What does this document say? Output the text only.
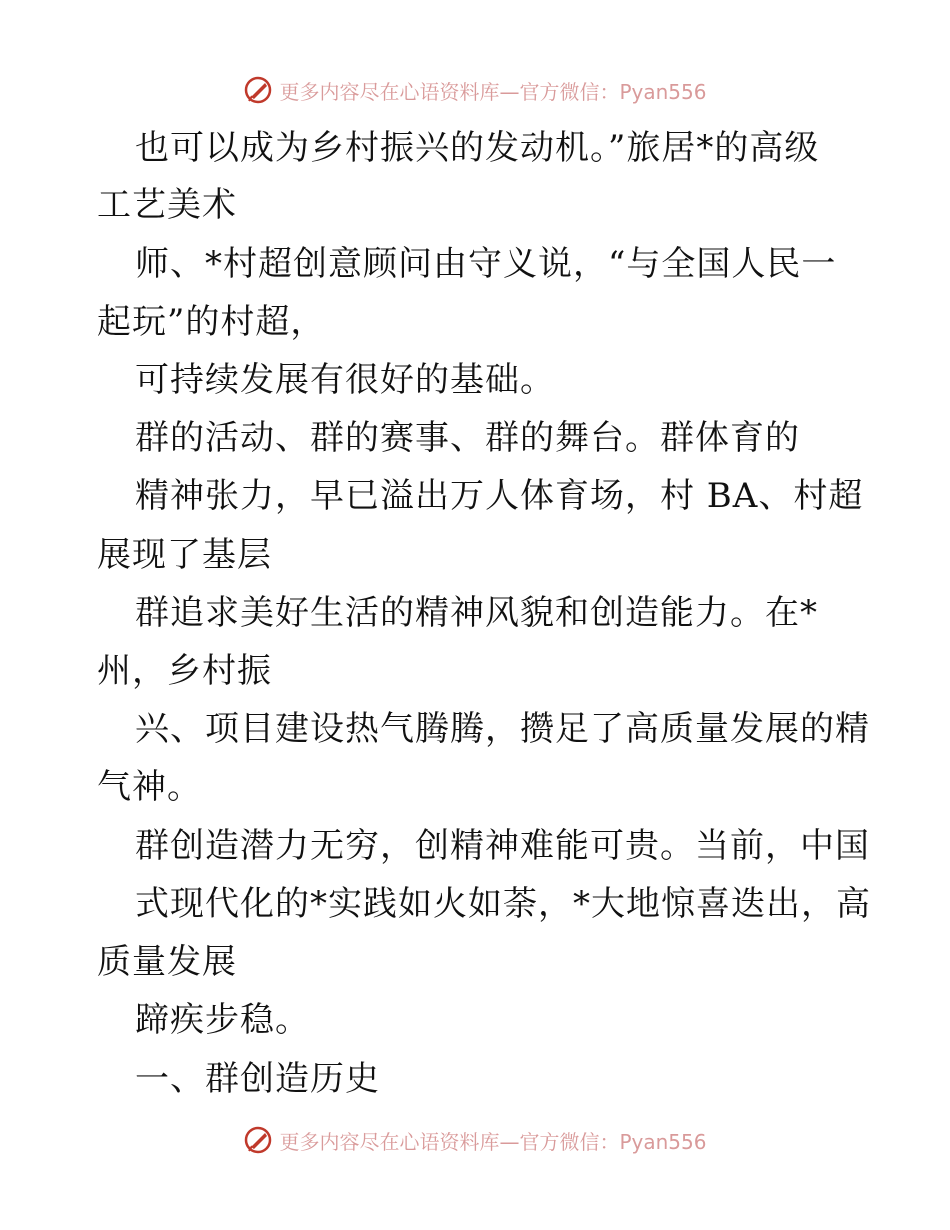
更多内容尽在心语资料库—官方微信：Pyan556
也可以成为乡村振兴的发动机。”旅居*的高级
工艺美术
师、*村超创意顾问由守义说，“与全国人民一
起玩”的村超，
可持续发展有很好的基础。
群的活动、群的赛事、群的舞台。群体育的
精神张力，早已溢出万人体育场，村 BA、村超
展现了基层
群追求美好生活的精神风貌和创造能力。在*
州，乡村振
兴、项目建设热气腾腾，攒足了高质量发展的精
气神。
群创造潜力无穷，创精神难能可贵。当前，中国
式现代化的*实践如火如荼，*大地惊喜迭出，高
质量发展
蹄疾步稳。
一、群创造历史
更多内容尽在心语资料库—官方微信：Pyan556
